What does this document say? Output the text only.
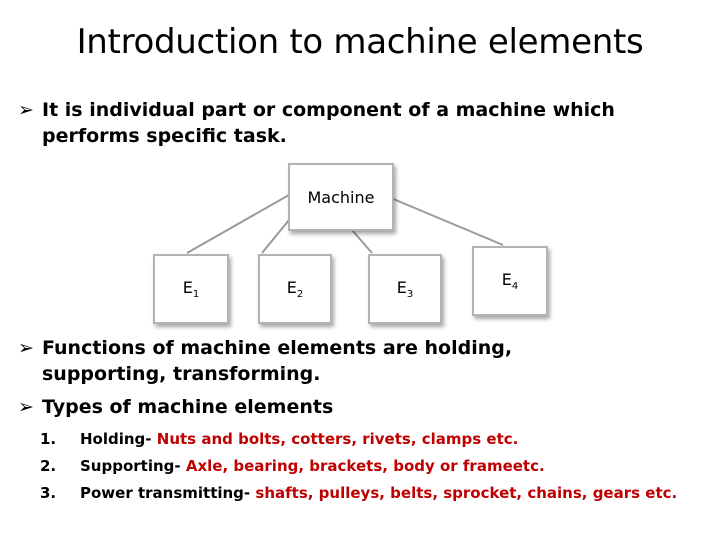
Introduction to machine elements
➢ It is individual part or component of a machine which performs specific task.
Machine
$E_1$	$E_2$	$E_3$
$E_4$
➢ Functions of machine elements are holding, supporting, transforming.
➢ Types of machine elements
1.	Holding- Nuts and bolts, cotters, rivets, clamps etc.
2.	Supporting- Axle, bearing, brackets, body or frameetc.
3.	Power transmitting- shafts, pulleys, belts, sprocket, chains, gears etc.
